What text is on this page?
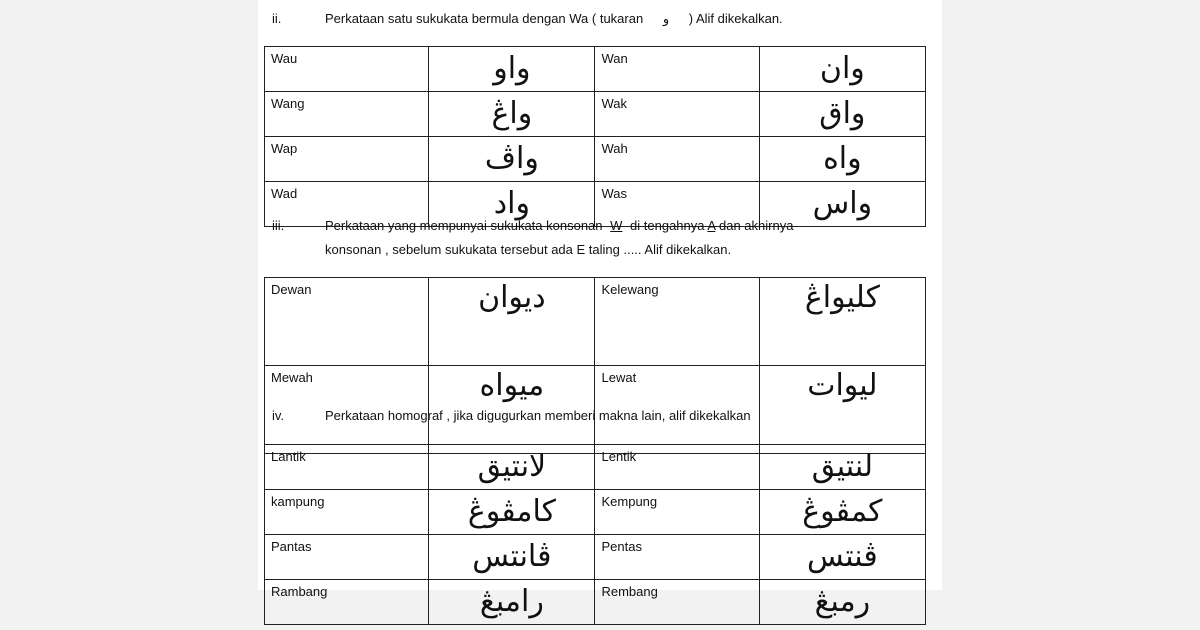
ii.	Perkataan satu sukukata bermula dengan Wa ( tukaran و ) Alif dikekalkan.
Wau	واو	Wan	وان
Wang	واڠ	Wak	واق
Wap	واڤ	Wah	واه
Wad	واد	Was	واس
iii.	Perkataan yang mempunyai sukukata konsonan W di tengahnya A dan akhirnya
konsonan , sebelum sukukata tersebut ada E taling ..... Alif dikekalkan.
Dewan	ديوان	Kelewang	کليواڠ
Mewah	ميواه	Lewat	ليوات
iv.	Perkataan homograf , jika digugurkan memberi makna lain, alif dikekalkan
Lantik	لانتيق	Lentik	لنتيق
kampung	کامڤوڠ	Kempung	کمڤوڠ
Pantas	ڤانتس	Pentas	ڤنتس
Rambang	رامبڠ	Rembang	رمبڠ
